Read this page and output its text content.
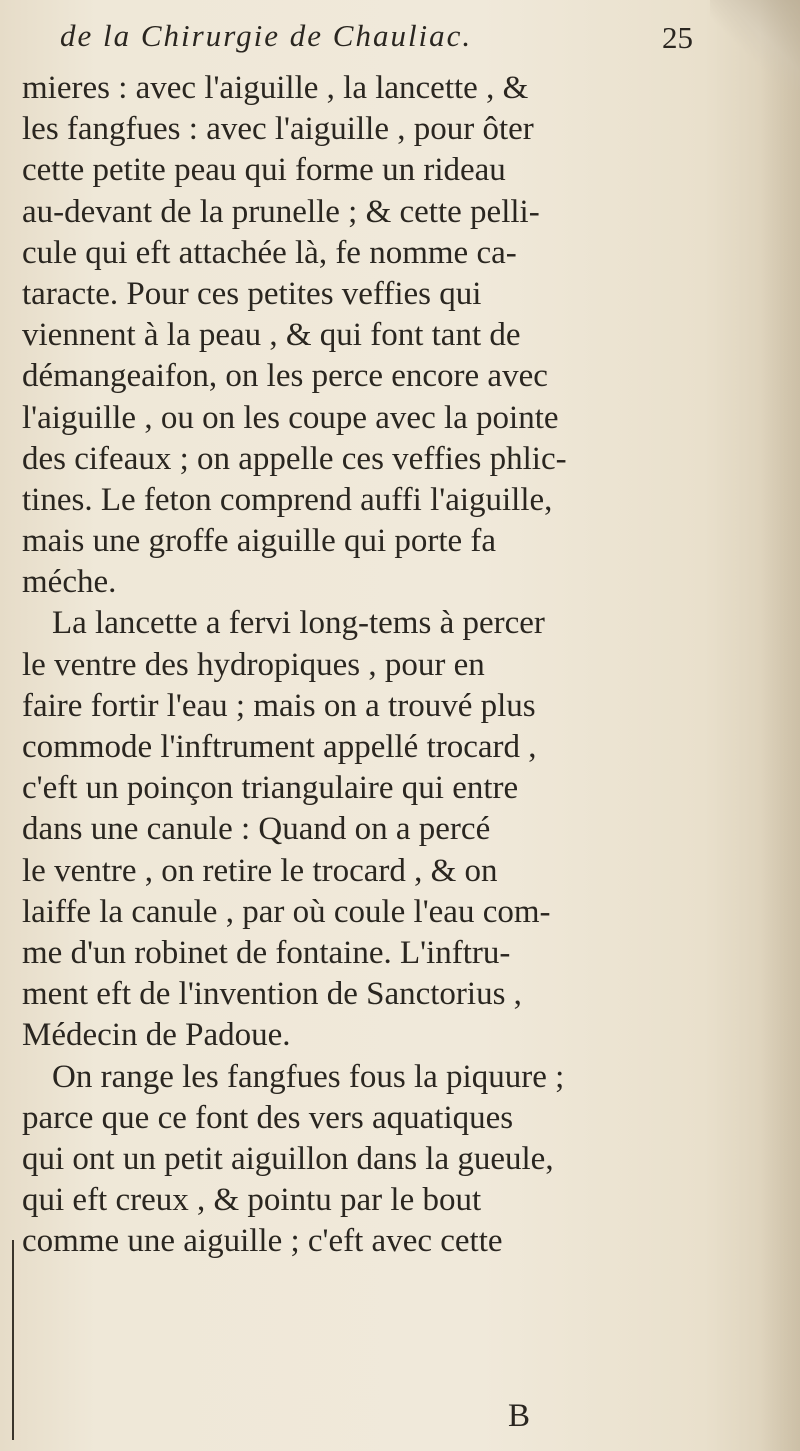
de la Chirurgie de Chauliac.	25
mieres : avec l'aiguille , la lancette , &
les fangfues : avec l'aiguille , pour ôter
cette petite peau qui forme un rideau
au-devant de la prunelle ; & cette pelli-
cule qui eft attachée là, fe nomme ca-
taracte. Pour ces petites veffies qui
viennent à la peau , & qui font tant de
démangeaifon, on les perce encore avec
l'aiguille , ou on les coupe avec la pointe
des cifeaux ; on appelle ces veffies phlic-
tines. Le feton comprend auffi l'aiguille,
mais une groffe aiguille qui porte fa
méche.
La lancette a fervi long-tems à percer
le ventre des hydropiques , pour en
faire fortir l'eau ; mais on a trouvé plus
commode l'inftrument appellé trocard ,
c'eft un poinçon triangulaire qui entre
dans une canule : Quand on a percé
le ventre , on retire le trocard , & on
laiffe la canule , par où coule l'eau com-
me d'un robinet de fontaine. L'inftru-
ment eft de l'invention de Sanctorius ,
Médecin de Padoue.
On range les fangfues fous la piquure ;
parce que ce font des vers aquatiques
qui ont un petit aiguillon dans la gueule,
qui eft creux , & pointu par le bout
comme une aiguille ; c'eft avec cette
B
